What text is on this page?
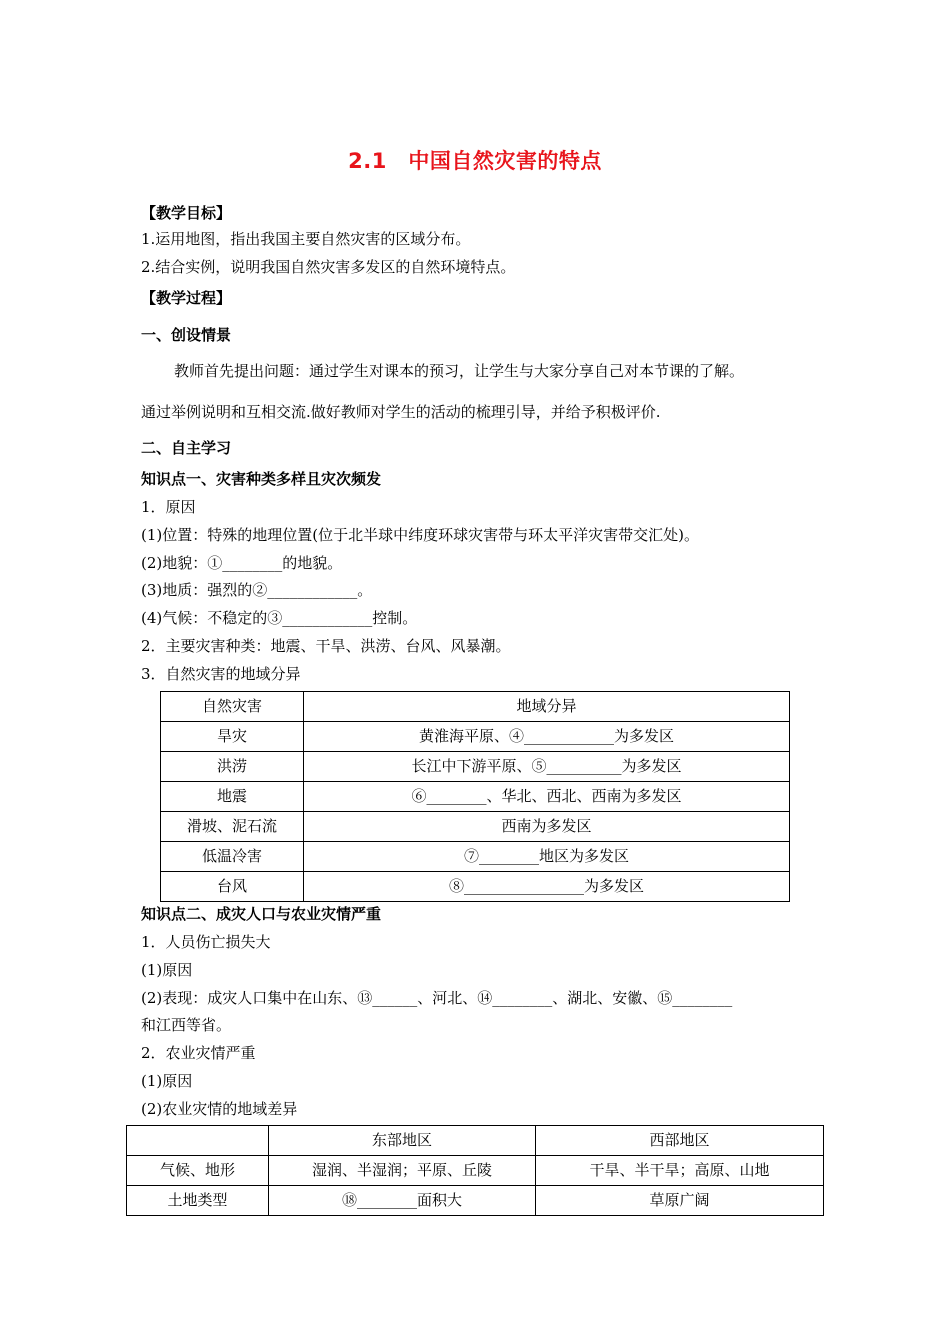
2.1　中国自然灾害的特点
【教学目标】
1.运用地图，指出我国主要自然灾害的区域分布。
2.结合实例，说明我国自然灾害多发区的自然环境特点。
【教学过程】
一、创设情景
教师首先提出问题：通过学生对课本的预习，让学生与大家分享自己对本节课的了解。
通过举例说明和互相交流.做好教师对学生的活动的梳理引导，并给予积极评价.
二、自主学习
知识点一、灾害种类多样且灾次频发
1．原因
(1)位置：特殊的地理位置(位于北半球中纬度环球灾害带与环太平洋灾害带交汇处)。
(2)地貌：①________的地貌。
(3)地质：强烈的②____________。
(4)气候：不稳定的③____________控制。
2．主要灾害种类：地震、干旱、洪涝、台风、风暴潮。
3．自然灾害的地域分异
自然灾害	地域分异
旱灾	黄淮海平原、④____________为多发区
洪涝	长江中下游平原、⑤__________为多发区
地震	⑥________、华北、西北、西南为多发区
滑坡、泥石流	西南为多发区
低温冷害	⑦________地区为多发区
台风	⑧________________为多发区
知识点二、成灾人口与农业灾情严重
1．人员伤亡损失大
(1)原因
(2)表现：成灾人口集中在山东、⑬______、河北、⑭________、湖北、安徽、⑮________
和江西等省。
2．农业灾情严重
(1)原因
(2)农业灾情的地域差异
	东部地区	西部地区
气候、地形	湿润、半湿润；平原、丘陵	干旱、半干旱；高原、山地
土地类型	⑱________面积大	草原广阔
